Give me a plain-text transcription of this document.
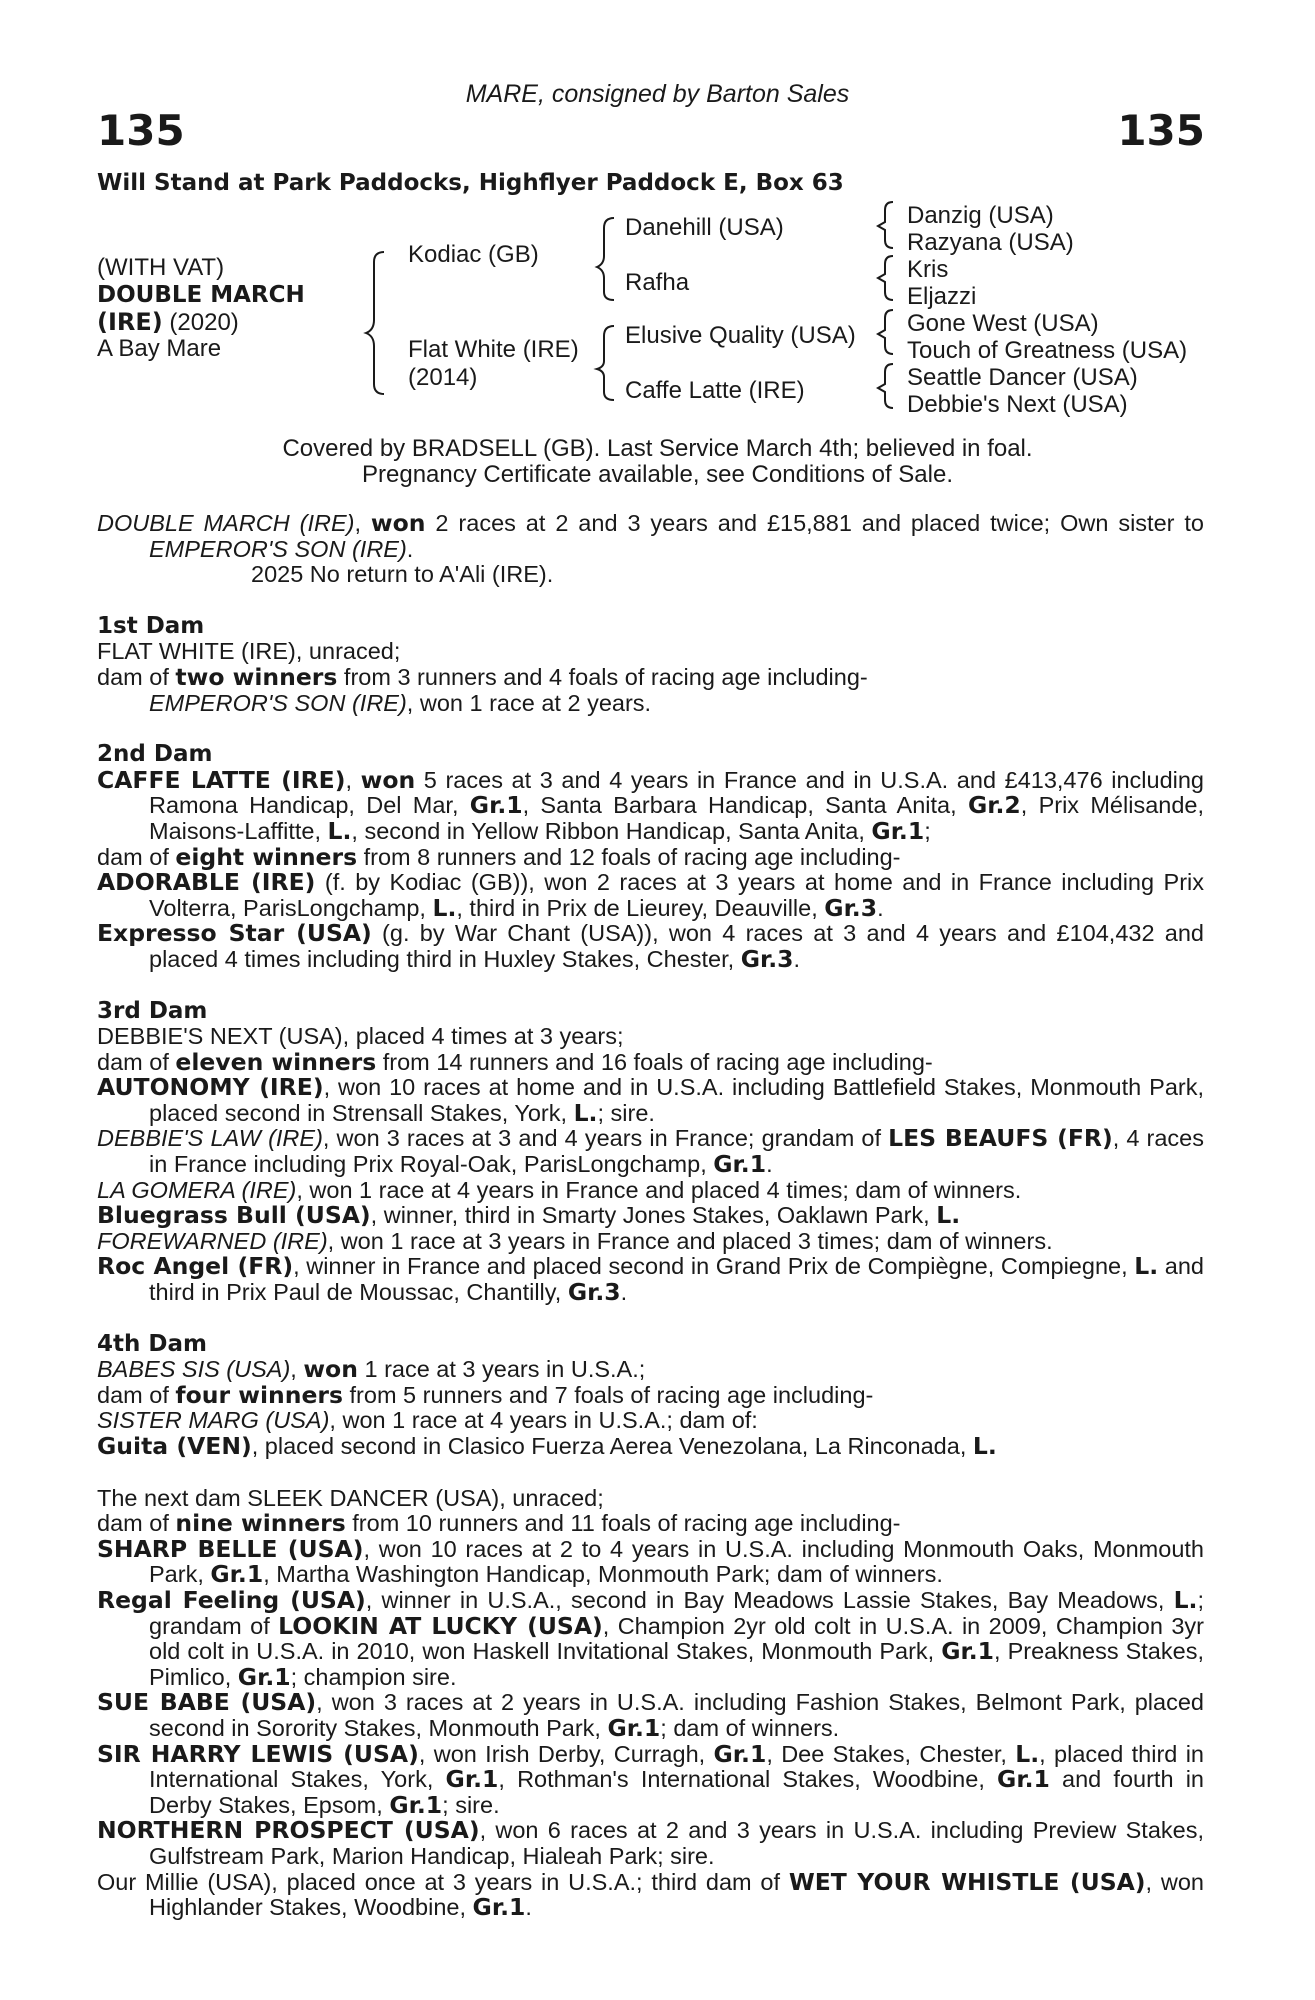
135	135
MARE, consigned by Barton Sales
Will Stand at Park Paddocks, Highflyer Paddock E, Box 63
(WITH VAT)
DOUBLE MARCH
(IRE) (2020)
A Bay Mare
Kodiac (GB)
Flat White (IRE)
(2014)
Danehill (USA)
Rafha
Elusive Quality (USA)
Caffe Latte (IRE)
Danzig (USA)
Razyana (USA)
Kris
Eljazzi
Gone West (USA)
Touch of Greatness (USA)
Seattle Dancer (USA)
Debbie's Next (USA)
Covered by BRADSELL (GB). Last Service March 4th; believed in foal.
Pregnancy Certificate available, see Conditions of Sale.

DOUBLE MARCH (IRE), won 2 races at 2 and 3 years and £15,881 and placed twice; Own sister to EMPEROR'S SON (IRE).

2025 No return to A'Ali (IRE).

1st Dam

FLAT WHITE (IRE), unraced;

dam of two winners from 3 runners and 4 foals of racing age including-

EMPEROR'S SON (IRE), won 1 race at 2 years.

2nd Dam

CAFFE LATTE (IRE), won 5 races at 3 and 4 years in France and in U.S.A. and £413,476 including Ramona Handicap, Del Mar, Gr.1, Santa Barbara Handicap, Santa Anita, Gr.2, Prix Mélisande, Maisons-Laffitte, L., second in Yellow Ribbon Handicap, Santa Anita, Gr.1;

dam of eight winners from 8 runners and 12 foals of racing age including-

ADORABLE (IRE) (f. by Kodiac (GB)), won 2 races at 3 years at home and in France including Prix Volterra, ParisLongchamp, L., third in Prix de Lieurey, Deauville, Gr.3.

Expresso Star (USA) (g. by War Chant (USA)), won 4 races at 3 and 4 years and £104,432 and placed 4 times including third in Huxley Stakes, Chester, Gr.3.

3rd Dam

DEBBIE'S NEXT (USA), placed 4 times at 3 years;

dam of eleven winners from 14 runners and 16 foals of racing age including-

AUTONOMY (IRE), won 10 races at home and in U.S.A. including Battlefield Stakes, Monmouth Park, placed second in Strensall Stakes, York, L.; sire.

DEBBIE'S LAW (IRE), won 3 races at 3 and 4 years in France; grandam of LES BEAUFS (FR), 4 races in France including Prix Royal-Oak, ParisLongchamp, Gr.1.

LA GOMERA (IRE), won 1 race at 4 years in France and placed 4 times; dam of winners.

Bluegrass Bull (USA), winner, third in Smarty Jones Stakes, Oaklawn Park, L.

FOREWARNED (IRE), won 1 race at 3 years in France and placed 3 times; dam of winners.

Roc Angel (FR), winner in France and placed second in Grand Prix de Compiègne, Compiegne, L. and third in Prix Paul de Moussac, Chantilly, Gr.3.

4th Dam

BABES SIS (USA), won 1 race at 3 years in U.S.A.;

dam of four winners from 5 runners and 7 foals of racing age including-

SISTER MARG (USA), won 1 race at 4 years in U.S.A.; dam of:

Guita (VEN), placed second in Clasico Fuerza Aerea Venezolana, La Rinconada, L.

The next dam SLEEK DANCER (USA), unraced;

dam of nine winners from 10 runners and 11 foals of racing age including-

SHARP BELLE (USA), won 10 races at 2 to 4 years in U.S.A. including Monmouth Oaks, Monmouth Park, Gr.1, Martha Washington Handicap, Monmouth Park; dam of winners.

Regal Feeling (USA), winner in U.S.A., second in Bay Meadows Lassie Stakes, Bay Meadows, L.; grandam of LOOKIN AT LUCKY (USA), Champion 2yr old colt in U.S.A. in 2009, Champion 3yr old colt in U.S.A. in 2010, won Haskell Invitational Stakes, Monmouth Park, Gr.1, Preakness Stakes, Pimlico, Gr.1; champion sire.

SUE BABE (USA), won 3 races at 2 years in U.S.A. including Fashion Stakes, Belmont Park, placed second in Sorority Stakes, Monmouth Park, Gr.1; dam of winners.

SIR HARRY LEWIS (USA), won Irish Derby, Curragh, Gr.1, Dee Stakes, Chester, L., placed third in International Stakes, York, Gr.1, Rothman's International Stakes, Woodbine, Gr.1 and fourth in Derby Stakes, Epsom, Gr.1; sire.

NORTHERN PROSPECT (USA), won 6 races at 2 and 3 years in U.S.A. including Preview Stakes, Gulfstream Park, Marion Handicap, Hialeah Park; sire.

Our Millie (USA), placed once at 3 years in U.S.A.; third dam of WET YOUR WHISTLE (USA), won Highlander Stakes, Woodbine, Gr.1.
